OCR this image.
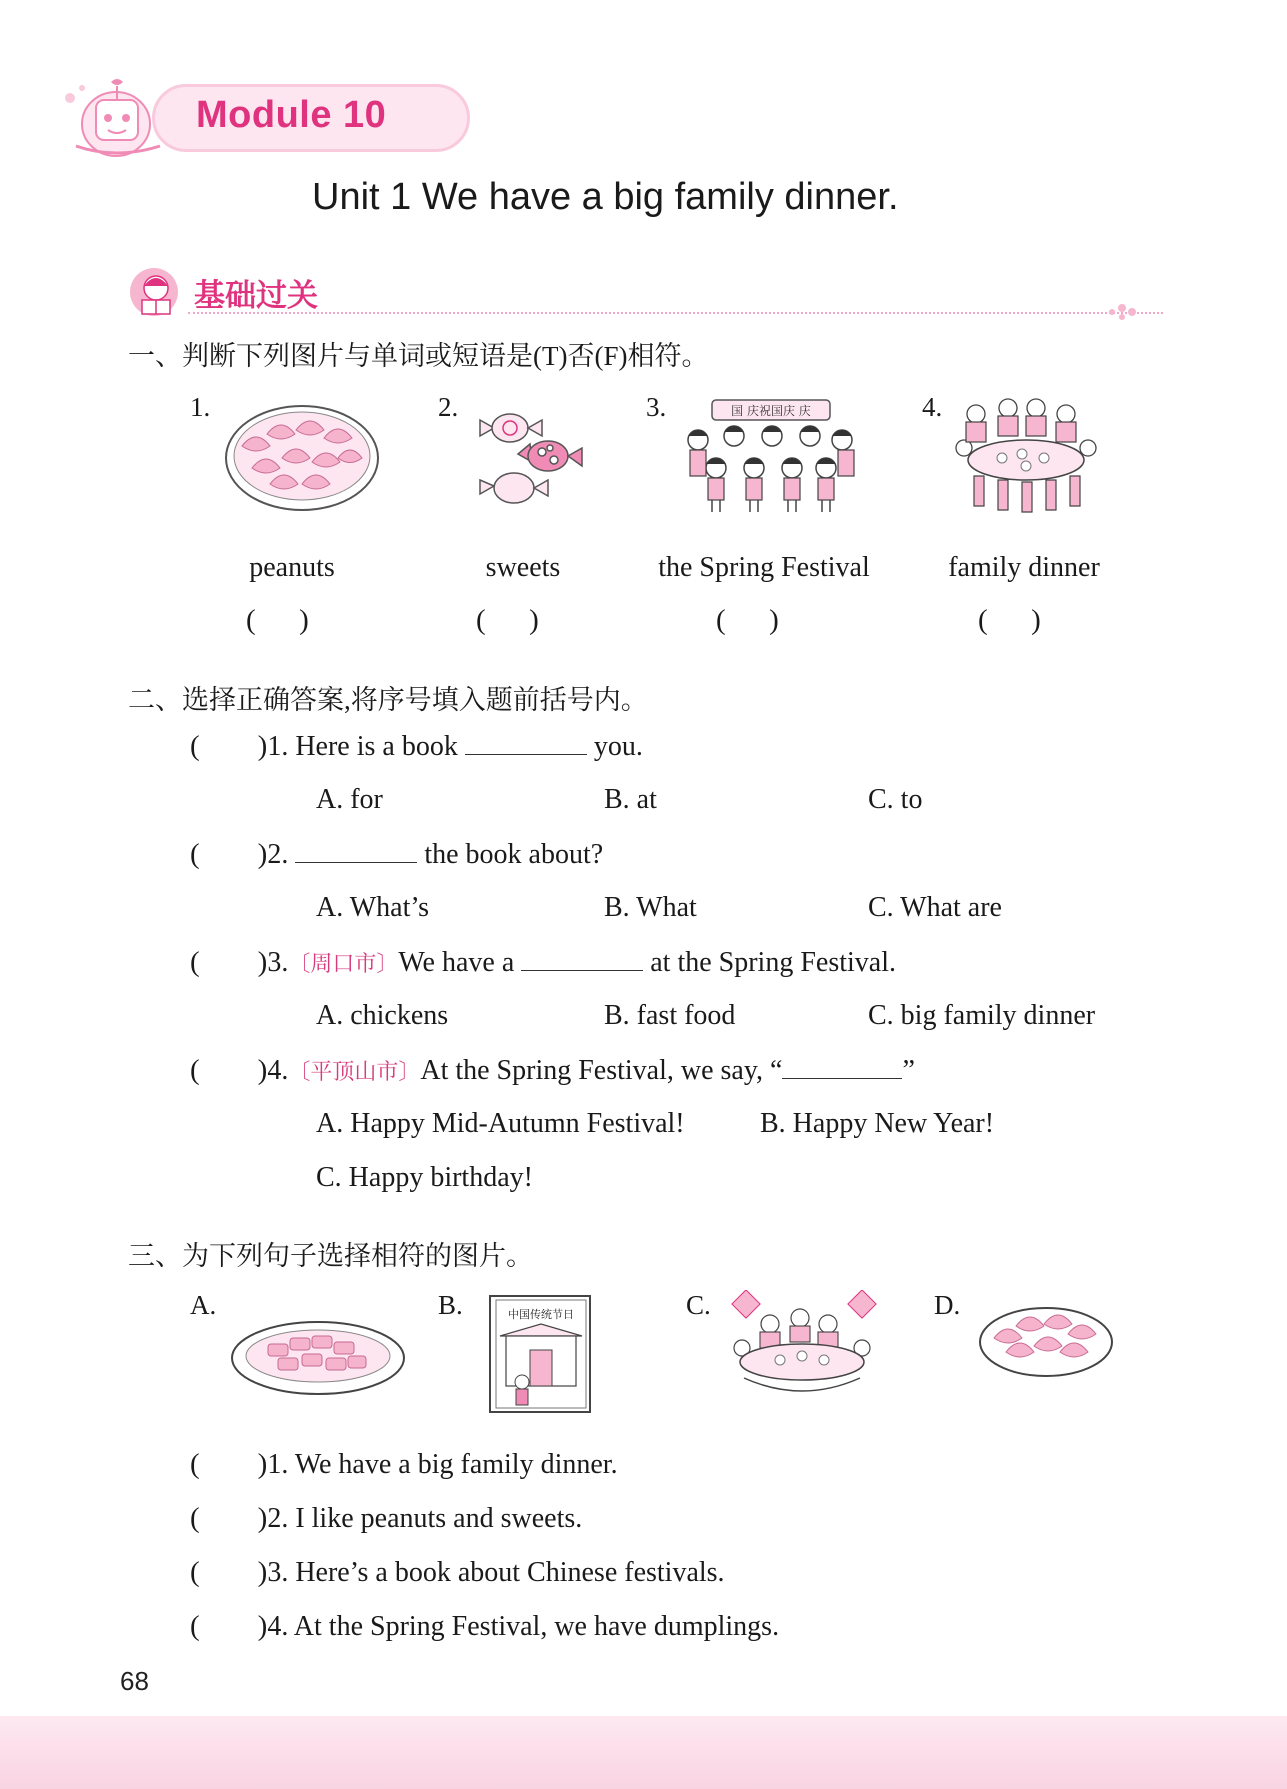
Module 10
Unit 1 We have a big family dinner.
基础过关
一、判断下列图片与单词或短语是(T)否(F)相符。
1.
peanuts
(      )
2.
sweets
(      )
3.	国 庆祝国庆 庆
the Spring Festival
(      )
4.
family dinner
(      )
二、选择正确答案,将序号填入题前括号内。
(        )1. Here is a book	you.
A. for	B. at	C. to
(        )2.	the book about?
A. What’s	B. What	C. What are
(        )3.〔周口市〕We have a	at the Spring Festival.
A. chickens	B. fast food	C. big family dinner
(        )4.〔平顶山市〕At the Spring Festival, we say, “	”
A. Happy Mid-Autumn Festival!	B. Happy New Year!
C. Happy birthday!
三、为下列句子选择相符的图片。
A.	B.	中国传统节日	C.	D.
(        )1. We have a big family dinner.
(        )2. I like peanuts and sweets.
(        )3. Here’s a book about Chinese festivals.
(        )4. At the Spring Festival, we have dumplings.
68
